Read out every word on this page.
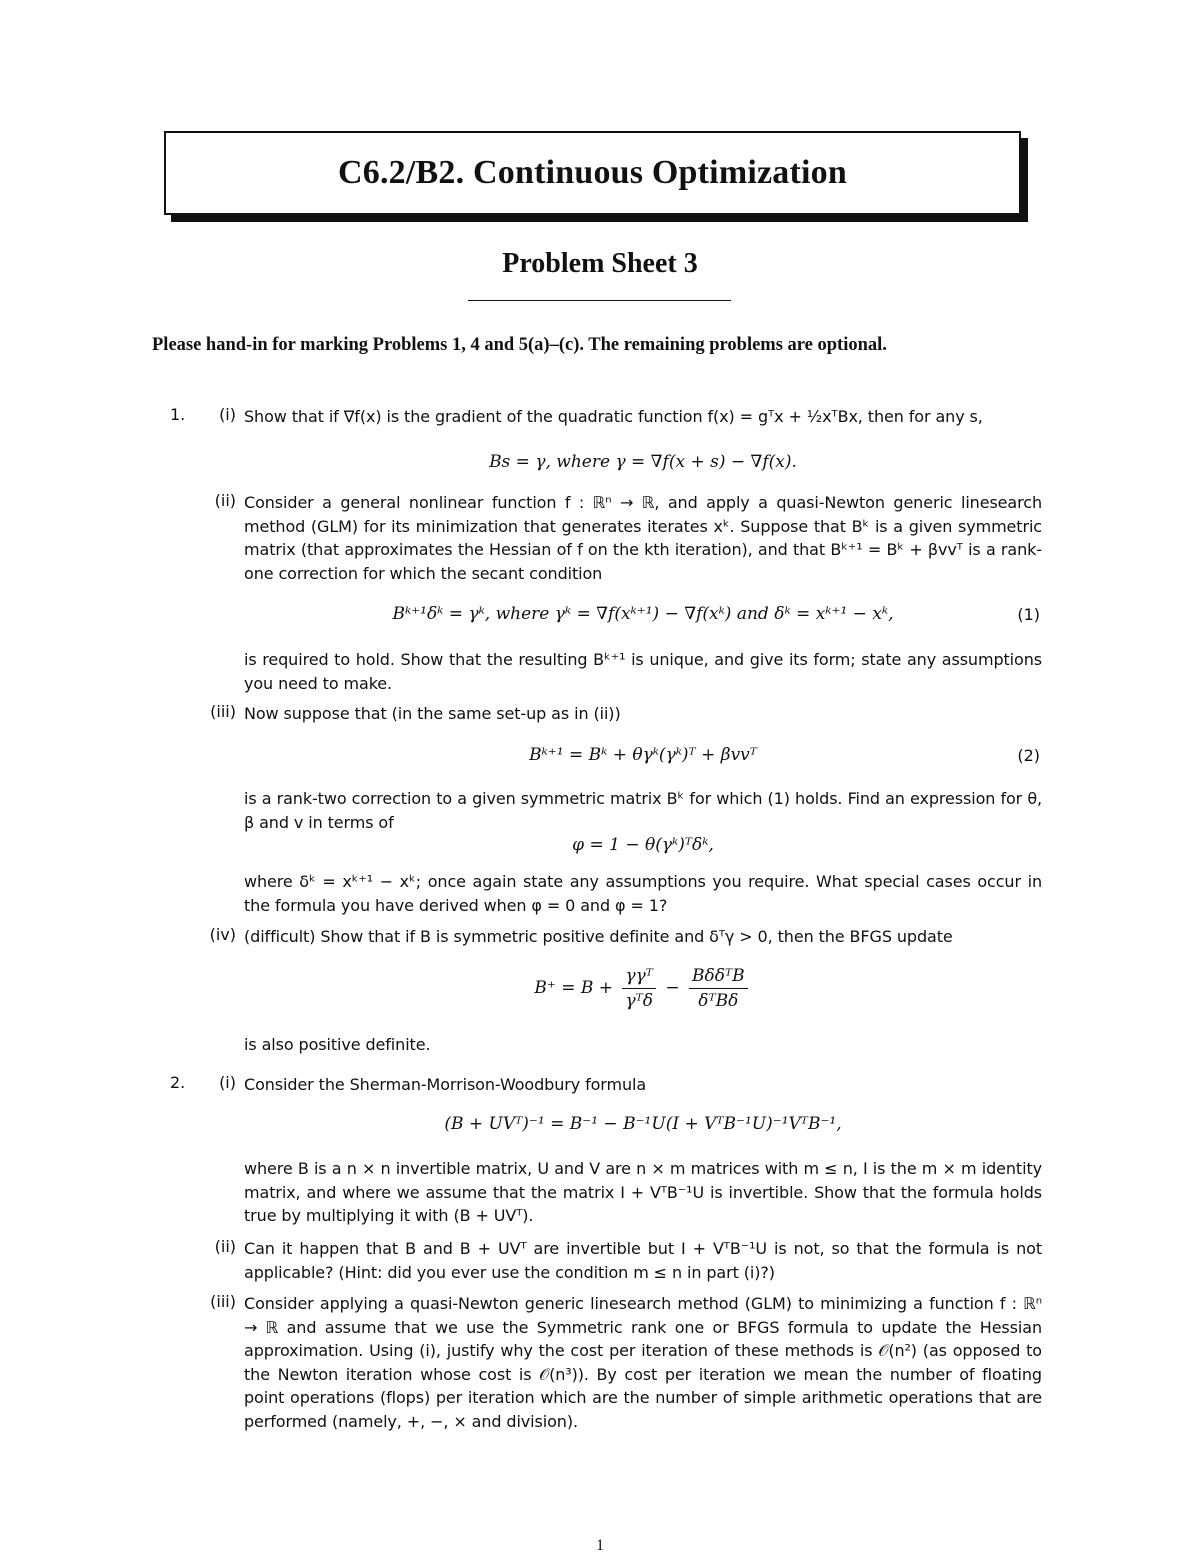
C6.2/B2. Continuous Optimization
Problem Sheet 3
Please hand-in for marking Problems 1, 4 and 5(a)–(c). The remaining problems are optional.
1.	(i) Show that if ∇f(x) is the gradient of the quadratic function f(x) = gᵀx + ½xᵀBx, then for any s,
Bs = γ, where γ = ∇f(x + s) − ∇f(x).
(ii) Consider a general nonlinear function f : ℝⁿ → ℝ, and apply a quasi-Newton generic linesearch method (GLM) for its minimization that generates iterates xᵏ. Suppose that Bᵏ is a given symmetric matrix (that approximates the Hessian of f on the kth iteration), and that Bᵏ⁺¹ = Bᵏ + βvvᵀ is a rank-one correction for which the secant condition
Bᵏ⁺¹δᵏ = γᵏ, where γᵏ = ∇f(xᵏ⁺¹) − ∇f(xᵏ) and δᵏ = xᵏ⁺¹ − xᵏ,	(1)
is required to hold. Show that the resulting Bᵏ⁺¹ is unique, and give its form; state any assumptions you need to make.
(iii) Now suppose that (in the same set-up as in (ii))
Bᵏ⁺¹ = Bᵏ + θγᵏ(γᵏ)ᵀ + βvvᵀ	(2)
is a rank-two correction to a given symmetric matrix Bᵏ for which (1) holds. Find an expression for θ, β and v in terms of
φ = 1 − θ(γᵏ)ᵀδᵏ,
where δᵏ = xᵏ⁺¹ − xᵏ; once again state any assumptions you require. What special cases occur in the formula you have derived when φ = 0 and φ = 1?
(iv) (difficult) Show that if B is symmetric positive definite and δᵀγ > 0, then the BFGS update
$B^+ = B + \frac{\text{γγᵀ}}{\text{γᵀδ}} - \frac{\text{BδδᵀB}}{\text{δᵀBδ}}$
is also positive definite.
2.	(i) Consider the Sherman-Morrison-Woodbury formula
(B + UVᵀ)⁻¹ = B⁻¹ − B⁻¹U(I + VᵀB⁻¹U)⁻¹VᵀB⁻¹,
where B is a n × n invertible matrix, U and V are n × m matrices with m ≤ n, I is the m × m identity matrix, and where we assume that the matrix I + VᵀB⁻¹U is invertible. Show that the formula holds true by multiplying it with (B + UVᵀ).
(ii) Can it happen that B and B + UVᵀ are invertible but I + VᵀB⁻¹U is not, so that the formula is not applicable? (Hint: did you ever use the condition m ≤ n in part (i)?)
(iii) Consider applying a quasi-Newton generic linesearch method (GLM) to minimizing a function f : ℝⁿ → ℝ and assume that we use the Symmetric rank one or BFGS formula to update the Hessian approximation. Using (i), justify why the cost per iteration of these methods is 𝒪(n²) (as opposed to the Newton iteration whose cost is 𝒪(n³)). By cost per iteration we mean the number of floating point operations (flops) per iteration which are the number of simple arithmetic operations that are performed (namely, +, −, × and division).
1
